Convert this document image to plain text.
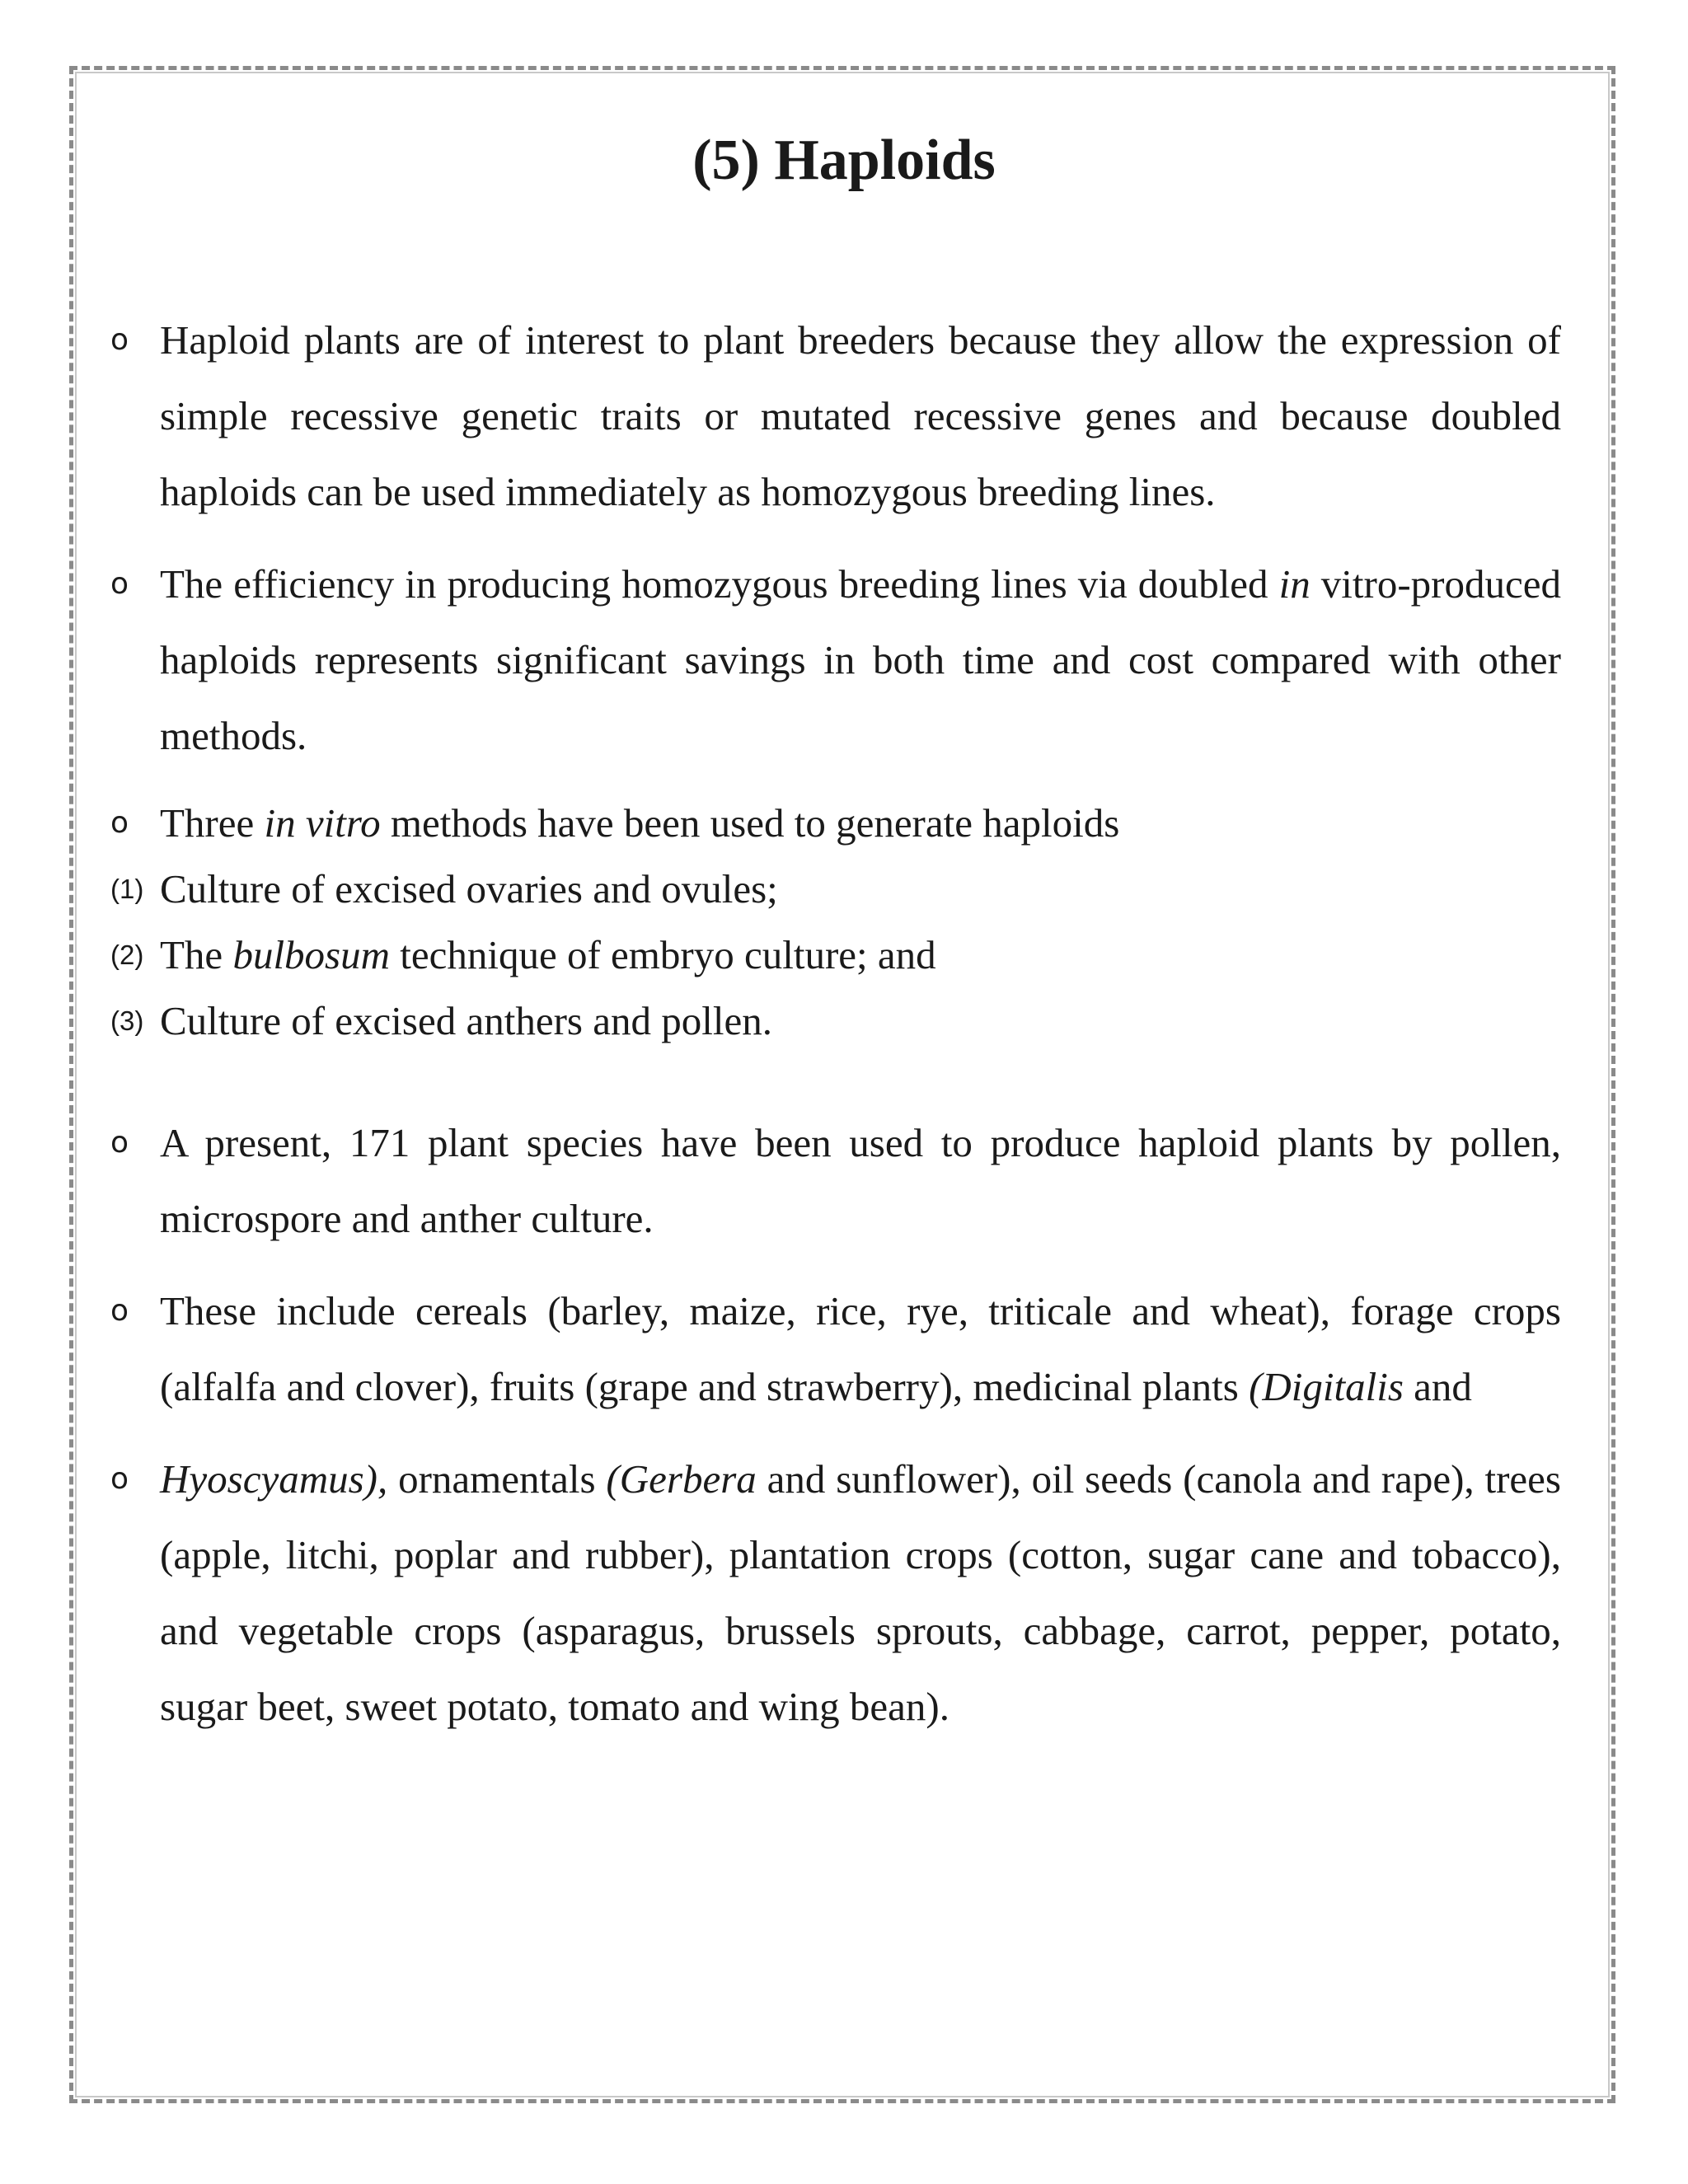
(5) Haploids

o Haploid plants are of interest to plant breeders because they allow the expression of simple recessive genetic traits or mutated recessive genes and because doubled haploids can be used immediately as homozygous breeding lines.

o The efficiency in producing homozygous breeding lines via doubled in vitro-produced haploids represents significant savings in both time and cost compared with other methods.

o Three in vitro methods have been used to generate haploids

(1) Culture of excised ovaries and ovules;

(2) The bulbosum technique of embryo culture; and

(3) Culture of excised anthers and pollen.

o A present, 171 plant species have been used to produce haploid plants by pollen, microspore and anther culture.

o These include cereals (barley, maize, rice, rye, triticale and wheat), forage crops (alfalfa and clover), fruits (grape and strawberry), medicinal plants (Digitalis and

o Hyoscyamus), ornamentals (Gerbera and sunflower), oil seeds (canola and rape), trees (apple, litchi, poplar and rubber), plantation crops (cotton, sugar cane and tobacco), and vegetable crops (asparagus, brussels sprouts, cabbage, carrot, pepper, potato, sugar beet, sweet potato, tomato and wing bean).
